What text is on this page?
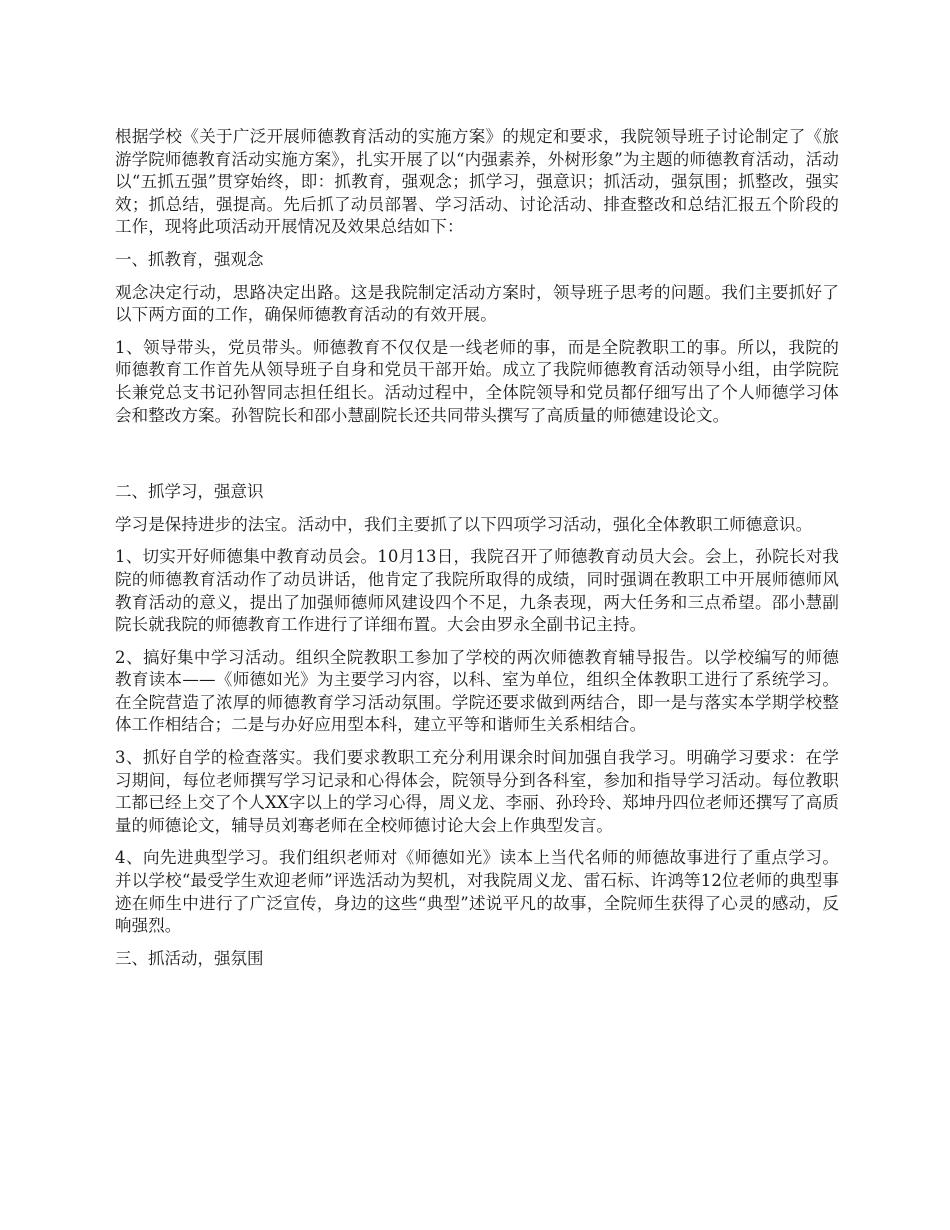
根据学校《关于广泛开展师德教育活动的实施方案》的规定和要求，我院领导班子讨论制定了《旅游学院师德教育活动实施方案》，扎实开展了以“内强素养，外树形象”为主题的师德教育活动，活动以“五抓五强”贯穿始终，即：抓教育，强观念；抓学习，强意识；抓活动，强氛围；抓整改，强实效；抓总结，强提高。先后抓了动员部署、学习活动、讨论活动、排查整改和总结汇报五个阶段的工作，现将此项活动开展情况及效果总结如下：

一、抓教育，强观念

观念决定行动，思路决定出路。这是我院制定活动方案时，领导班子思考的问题。我们主要抓好了以下两方面的工作，确保师德教育活动的有效开展。

1、领导带头，党员带头。师德教育不仅仅是一线老师的事，而是全院教职工的事。所以，我院的师德教育工作首先从领导班子自身和党员干部开始。成立了我院师德教育活动领导小组，由学院院长兼党总支书记孙智同志担任组长。活动过程中，全体院领导和党员都仔细写出了个人师德学习体会和整改方案。孙智院长和邵小慧副院长还共同带头撰写了高质量的师德建设论文。

二、抓学习，强意识

学习是保持进步的法宝。活动中，我们主要抓了以下四项学习活动，强化全体教职工师德意识。

1、切实开好师德集中教育动员会。10月13日，我院召开了师德教育动员大会。会上，孙院长对我院的师德教育活动作了动员讲话，他肯定了我院所取得的成绩，同时强调在教职工中开展师德师风教育活动的意义，提出了加强师德师风建设四个不足，九条表现，两大任务和三点希望。邵小慧副院长就我院的师德教育工作进行了详细布置。大会由罗永全副书记主持。

2、搞好集中学习活动。组织全院教职工参加了学校的两次师德教育辅导报告。以学校编写的师德教育读本——《师德如光》为主要学习内容，以科、室为单位，组织全体教职工进行了系统学习。在全院营造了浓厚的师德教育学习活动氛围。学院还要求做到两结合，即一是与落实本学期学校整体工作相结合；二是与办好应用型本科，建立平等和谐师生关系相结合。

3、抓好自学的检查落实。我们要求教职工充分利用课余时间加强自我学习。明确学习要求：在学习期间，每位老师撰写学习记录和心得体会，院领导分到各科室，参加和指导学习活动。每位教职工都已经上交了个人XX字以上的学习心得，周义龙、李丽、孙玲玲、郑坤丹四位老师还撰写了高质量的师德论文，辅导员刘骞老师在全校师德讨论大会上作典型发言。

4、向先进典型学习。我们组织老师对《师德如光》读本上当代名师的师德故事进行了重点学习。并以学校“最受学生欢迎老师”评选活动为契机，对我院周义龙、雷石标、许鸿等12位老师的典型事迹在师生中进行了广泛宣传，身边的这些“典型”述说平凡的故事，全院师生获得了心灵的感动，反响强烈。

三、抓活动，强氛围
